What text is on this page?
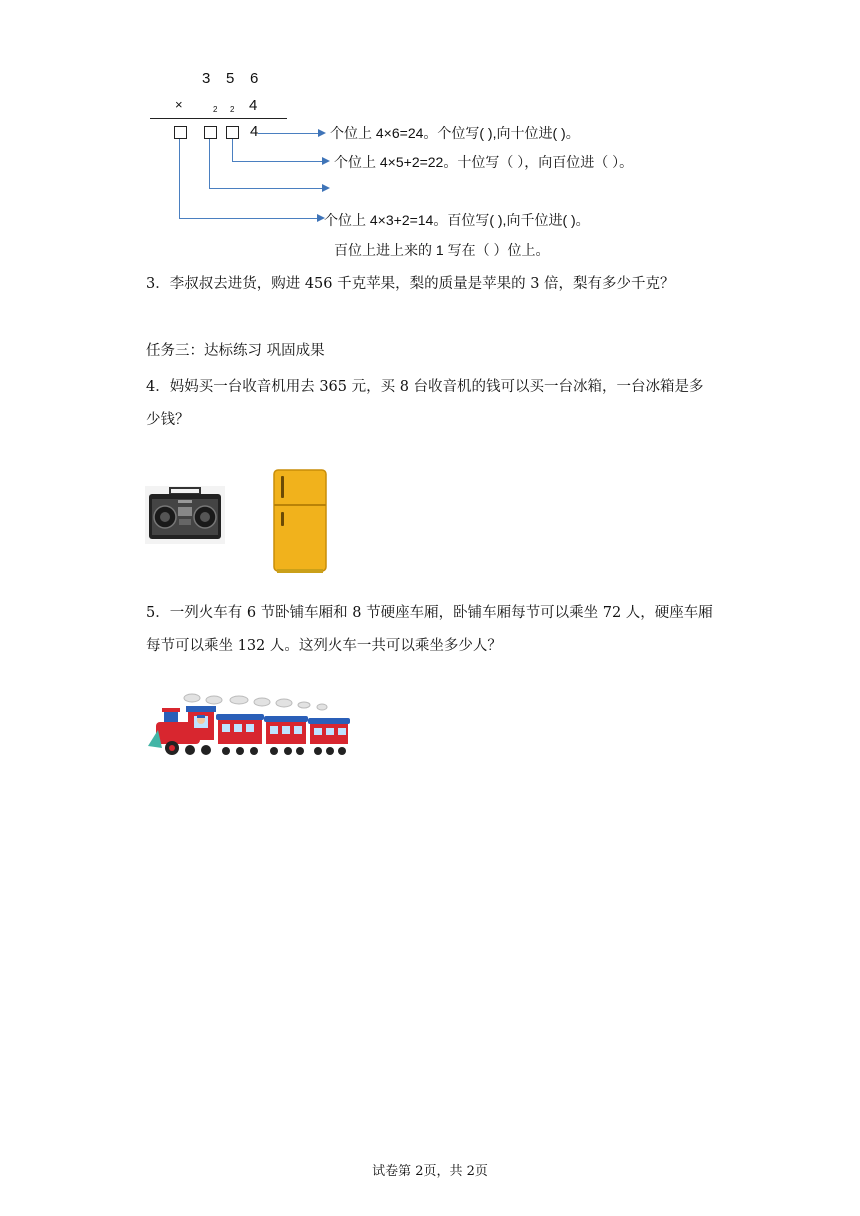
3 5 6
×	2 2 4
4	个位上 4×6=24。个位写( ),向十位进( )。
个位上 4×5+2=22。十位写（ ），向百位进（ ）。
个位上 4×3+2=14。百位写( ),向千位进( )。
百位上进上来的 1 写在（ ）位上。
3．李叔叔去进货，购进 456 千克苹果，梨的质量是苹果的 3 倍，梨有多少千克？
任务三：达标练习 巩固成果
4．妈妈买一台收音机用去 365 元，买 8 台收音机的钱可以买一台冰箱，一台冰箱是多
少钱？
5．一列火车有 6 节卧铺车厢和 8 节硬座车厢，卧铺车厢每节可以乘坐 72 人，硬座车厢
每节可以乘坐 132 人。这列火车一共可以乘坐多少人？
试卷第 2页，共 2页
